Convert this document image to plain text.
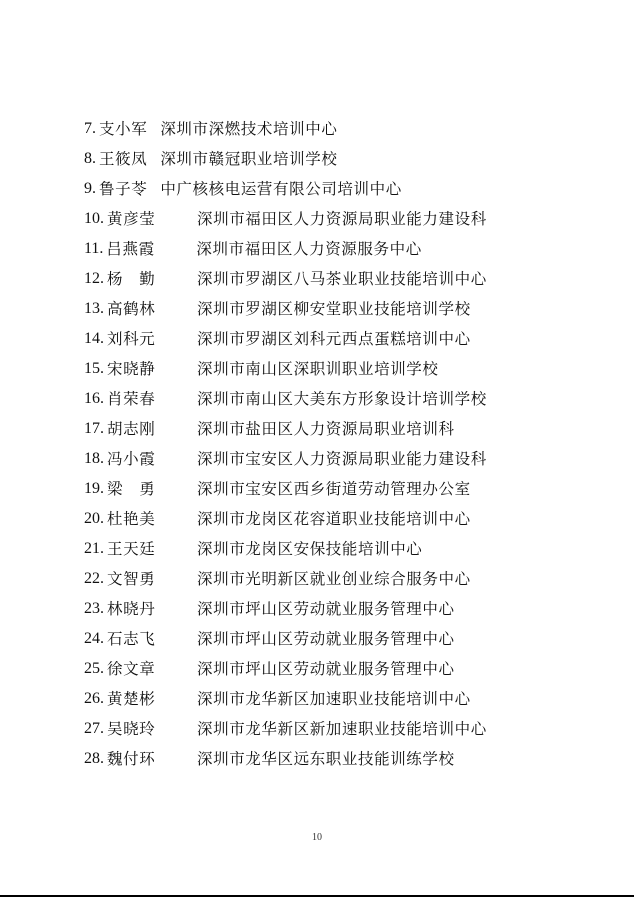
7. 支小军 深圳市深燃技术培训中心
8. 王筱凤 深圳市赣冠职业培训学校
9. 鲁子苓 中广核核电运营有限公司培训中心
10. 黄彦莹	深圳市福田区人力资源局职业能力建设科
11. 吕燕霞	深圳市福田区人力资源服务中心
12. 杨　勤	深圳市罗湖区八马茶业职业技能培训中心
13. 高鹤林	深圳市罗湖区柳安堂职业技能培训学校
14. 刘科元	深圳市罗湖区刘科元西点蛋糕培训中心
15. 宋晓静	深圳市南山区深职训职业培训学校
16. 肖荣春	深圳市南山区大美东方形象设计培训学校
17. 胡志刚	深圳市盐田区人力资源局职业培训科
18. 冯小霞	深圳市宝安区人力资源局职业能力建设科
19. 梁　勇	深圳市宝安区西乡街道劳动管理办公室
20. 杜艳美	深圳市龙岗区花容道职业技能培训中心
21. 王天廷	深圳市龙岗区安保技能培训中心
22. 文智勇	深圳市光明新区就业创业综合服务中心
23. 林晓丹	深圳市坪山区劳动就业服务管理中心
24. 石志飞	深圳市坪山区劳动就业服务管理中心
25. 徐文章	深圳市坪山区劳动就业服务管理中心
26. 黄楚彬	深圳市龙华新区加速职业技能培训中心
27. 吴晓玲	深圳市龙华新区新加速职业技能培训中心
28. 魏付环	深圳市龙华区远东职业技能训练学校
10
